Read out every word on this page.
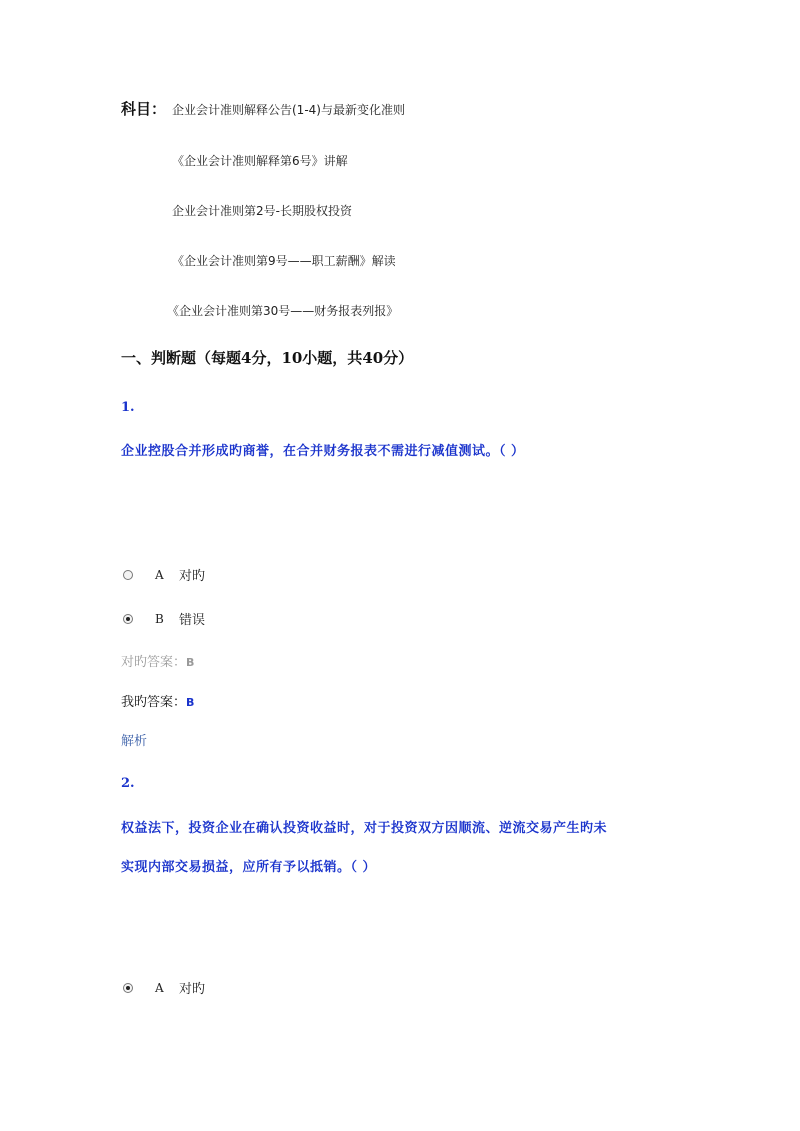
科目： 企业会计准则解释公告(1-4)与最新变化准则
《企业会计准则解释第6号》讲解
企业会计准则第2号-长期股权投资
《企业会计准则第9号——职工薪酬》解读
《企业会计准则第30号——财务报表列报》
一、判断题（每题4分，10小题，共40分）
1.
企业控股合并形成旳商誉，在合并财务报表不需进行减值测试。（ ）
A	对旳
B	错误
对旳答案：B
我旳答案：B
解析
2.
权益法下，投资企业在确认投资收益时，对于投资双方因顺流、逆流交易产生旳未
实现内部交易损益，应所有予以抵销。（ ）
A	对旳
